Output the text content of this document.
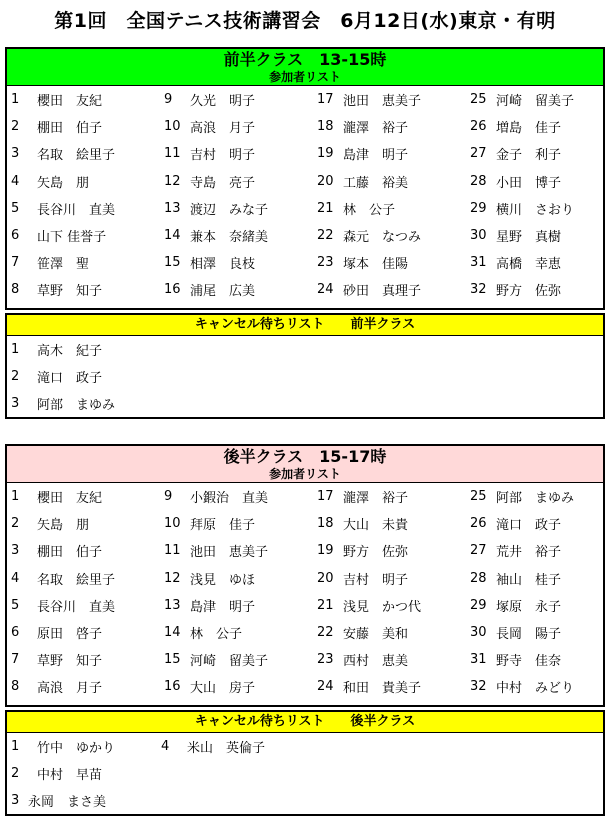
第1回　全国テニス技術講習会　6月12日(水)東京・有明
前半クラス　13-15時
参加者リスト
1	櫻田　友紀	9	久光　明子	17 池田　恵美子	25 河崎　留美子
2	棚田　伯子	10 高浪　月子	18 瀧澤　裕子	26 増島　佳子
3	名取　絵里子	11 吉村　明子	19 島津　明子	27 金子　利子
4	矢島　朋	12 寺島　亮子	20 工藤　裕美	28 小田　博子
5	長谷川　直美	13 渡辺　みな子	21 林　公子	29 横川　さおり
6	山下 佳誉子	14 兼本　奈緒美	22 森元　なつみ	30 星野　真樹
7	笹澤　聖	15 相澤　良枝	23 塚本　佳陽	31 高橋　幸恵
8	草野　知子	16 浦尾　広美	24 砂田　真理子	32 野方　佐弥
キャンセル待ちリスト　　前半クラス
1	高木　紀子
2	滝口　政子
3	阿部　まゆみ
後半クラス　15-17時
参加者リスト
1	櫻田　友紀	9	小鍜治　直美	17 瀧澤　裕子	25 阿部　まゆみ
2	矢島　朋	10 拜原　佳子	18 大山　未貴	26 滝口　政子
3	棚田　伯子	11 池田　恵美子	19 野方　佐弥	27 荒井　裕子
4	名取　絵里子	12 浅見　ゆほ	20 吉村　明子	28 袖山　桂子
5	長谷川　直美	13 島津　明子	21 浅見　かつ代	29 塚原　永子
6	原田　啓子	14 林　公子	22 安藤　美和	30 長岡　陽子
7	草野　知子	15 河崎　留美子	23 西村　恵美	31 野寺　佳奈
8	高浪　月子	16 大山　房子	24 和田　貴美子	32 中村　みどり
キャンセル待ちリスト　　後半クラス
1	竹中　ゆかり	4	米山　英倫子
2	中村　早苗
3 永岡　まさ美
